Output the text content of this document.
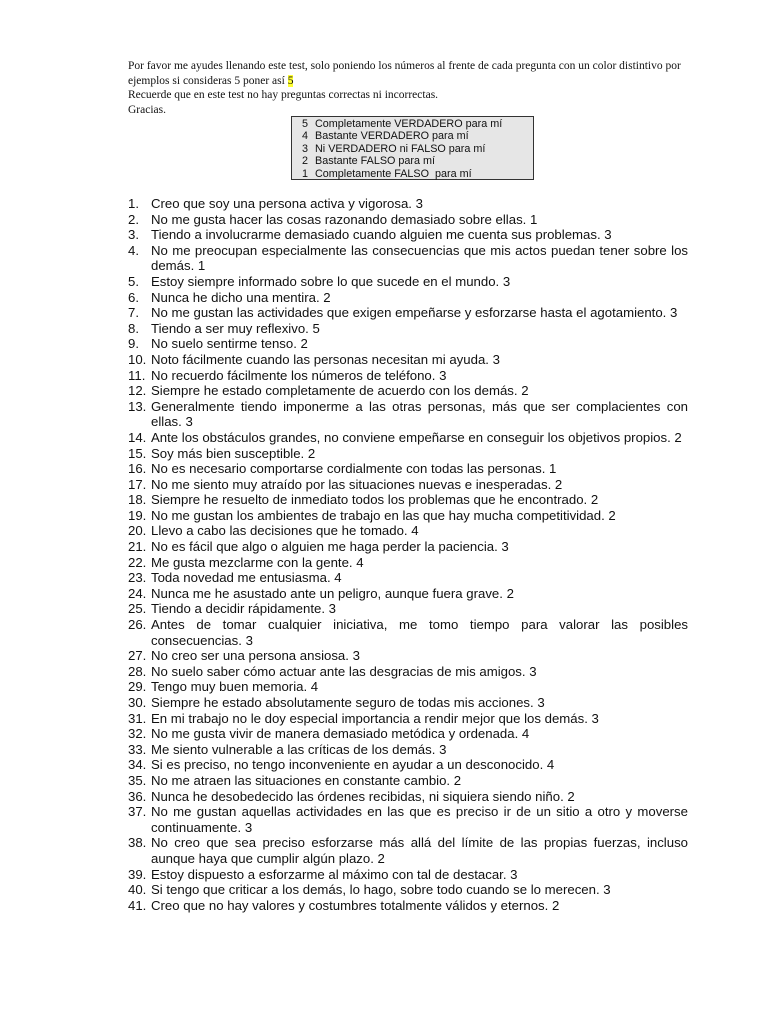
Por favor me ayudes llenando este test, solo poniendo los números al frente de cada pregunta con un color distintivo por ejemplos si consideras 5 poner así 5

Recuerde que en este test no hay preguntas correctas ni incorrectas.

Gracias.

5 Completamente VERDADERO para mí
4 Bastante VERDADERO para mí
3 Ni VERDADERO ni FALSO para mí
2 Bastante FALSO para mí
1 Completamente FALSO  para mí
1. Creo que soy una persona activa y vigorosa. 3
2. No me gusta hacer las cosas razonando demasiado sobre ellas. 1
3. Tiendo a involucrarme demasiado cuando alguien me cuenta sus problemas. 3
4. No me preocupan especialmente las consecuencias que mis actos puedan tener sobre los demás. 1
5. Estoy siempre informado sobre lo que sucede en el mundo. 3
6. Nunca he dicho una mentira. 2
7. No me gustan las actividades que exigen empeñarse y esforzarse hasta el agotamiento. 3
8. Tiendo a ser muy reflexivo. 5
9. No suelo sentirme tenso. 2
10. Noto fácilmente cuando las personas necesitan mi ayuda. 3
11. No recuerdo fácilmente los números de teléfono. 3
12. Siempre he estado completamente de acuerdo con los demás. 2
13. Generalmente tiendo imponerme a las otras personas, más que ser complacientes con ellas. 3
14. Ante los obstáculos grandes, no conviene empeñarse en conseguir los objetivos propios. 2
15. Soy más bien susceptible. 2
16. No es necesario comportarse cordialmente con todas las personas. 1
17. No me siento muy atraído por las situaciones nuevas e inesperadas. 2
18. Siempre he resuelto de inmediato todos los problemas que he encontrado. 2
19. No me gustan los ambientes de trabajo en las que hay mucha competitividad. 2
20. Llevo a cabo las decisiones que he tomado. 4
21. No es fácil que algo o alguien me haga perder la paciencia. 3
22. Me gusta mezclarme con la gente. 4
23. Toda novedad me entusiasma. 4
24. Nunca me he asustado ante un peligro, aunque fuera grave. 2
25. Tiendo a decidir rápidamente. 3
26. Antes de tomar cualquier iniciativa, me tomo tiempo para valorar las posibles consecuencias. 3
27. No creo ser una persona ansiosa. 3
28. No suelo saber cómo actuar ante las desgracias de mis amigos. 3
29. Tengo muy buen memoria. 4
30. Siempre he estado absolutamente seguro de todas mis acciones. 3
31. En mi trabajo no le doy especial importancia a rendir mejor que los demás. 3
32. No me gusta vivir de manera demasiado metódica y ordenada. 4
33. Me siento vulnerable a las críticas de los demás. 3
34. Si es preciso, no tengo inconveniente en ayudar a un desconocido. 4
35. No me atraen las situaciones en constante cambio. 2
36. Nunca he desobedecido las órdenes recibidas, ni siquiera siendo niño. 2
37. No me gustan aquellas actividades en las que es preciso ir de un sitio a otro y moverse continuamente. 3
38. No creo que sea preciso esforzarse más allá del límite de las propias fuerzas, incluso aunque haya que cumplir algún plazo. 2
39. Estoy dispuesto a esforzarme al máximo con tal de destacar. 3
40. Si tengo que criticar a los demás, lo hago, sobre todo cuando se lo merecen. 3
41. Creo que no hay valores y costumbres totalmente válidos y eternos. 2
